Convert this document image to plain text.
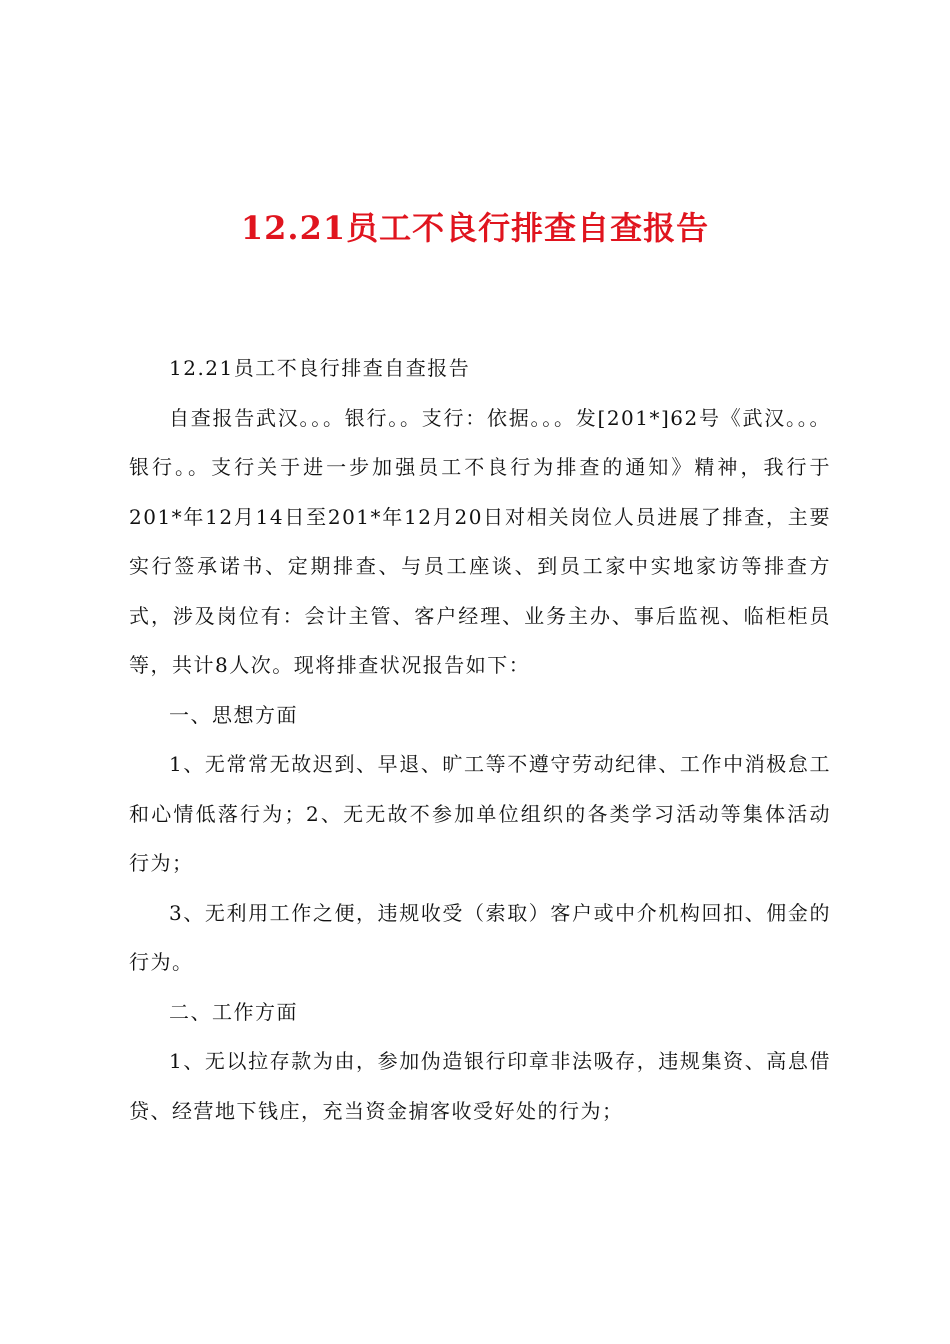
12.21员工不良行排查自查报告

12.21员工不良行排查自查报告

自查报告武汉。。。银行。。支行：依据。。。发[201*]62号《武汉。。。银行。。支行关于进一步加强员工不良行为排查的通知》精神，我行于201*年12月14日至201*年12月20日对相关岗位人员进展了排查，主要实行签承诺书、定期排查、与员工座谈、到员工家中实地家访等排查方式，涉及岗位有：会计主管、客户经理、业务主办、事后监视、临柜柜员等，共计8人次。现将排查状况报告如下：

一、思想方面

1、无常常无故迟到、早退、旷工等不遵守劳动纪律、工作中消极怠工和心情低落行为；2、无无故不参加单位组织的各类学习活动等集体活动行为；

3、无利用工作之便，违规收受（索取）客户或中介机构回扣、佣金的行为。

二、工作方面

1、无以拉存款为由，参加伪造银行印章非法吸存，违规集资、高息借贷、经营地下钱庄，充当资金掮客收受好处的行为；
